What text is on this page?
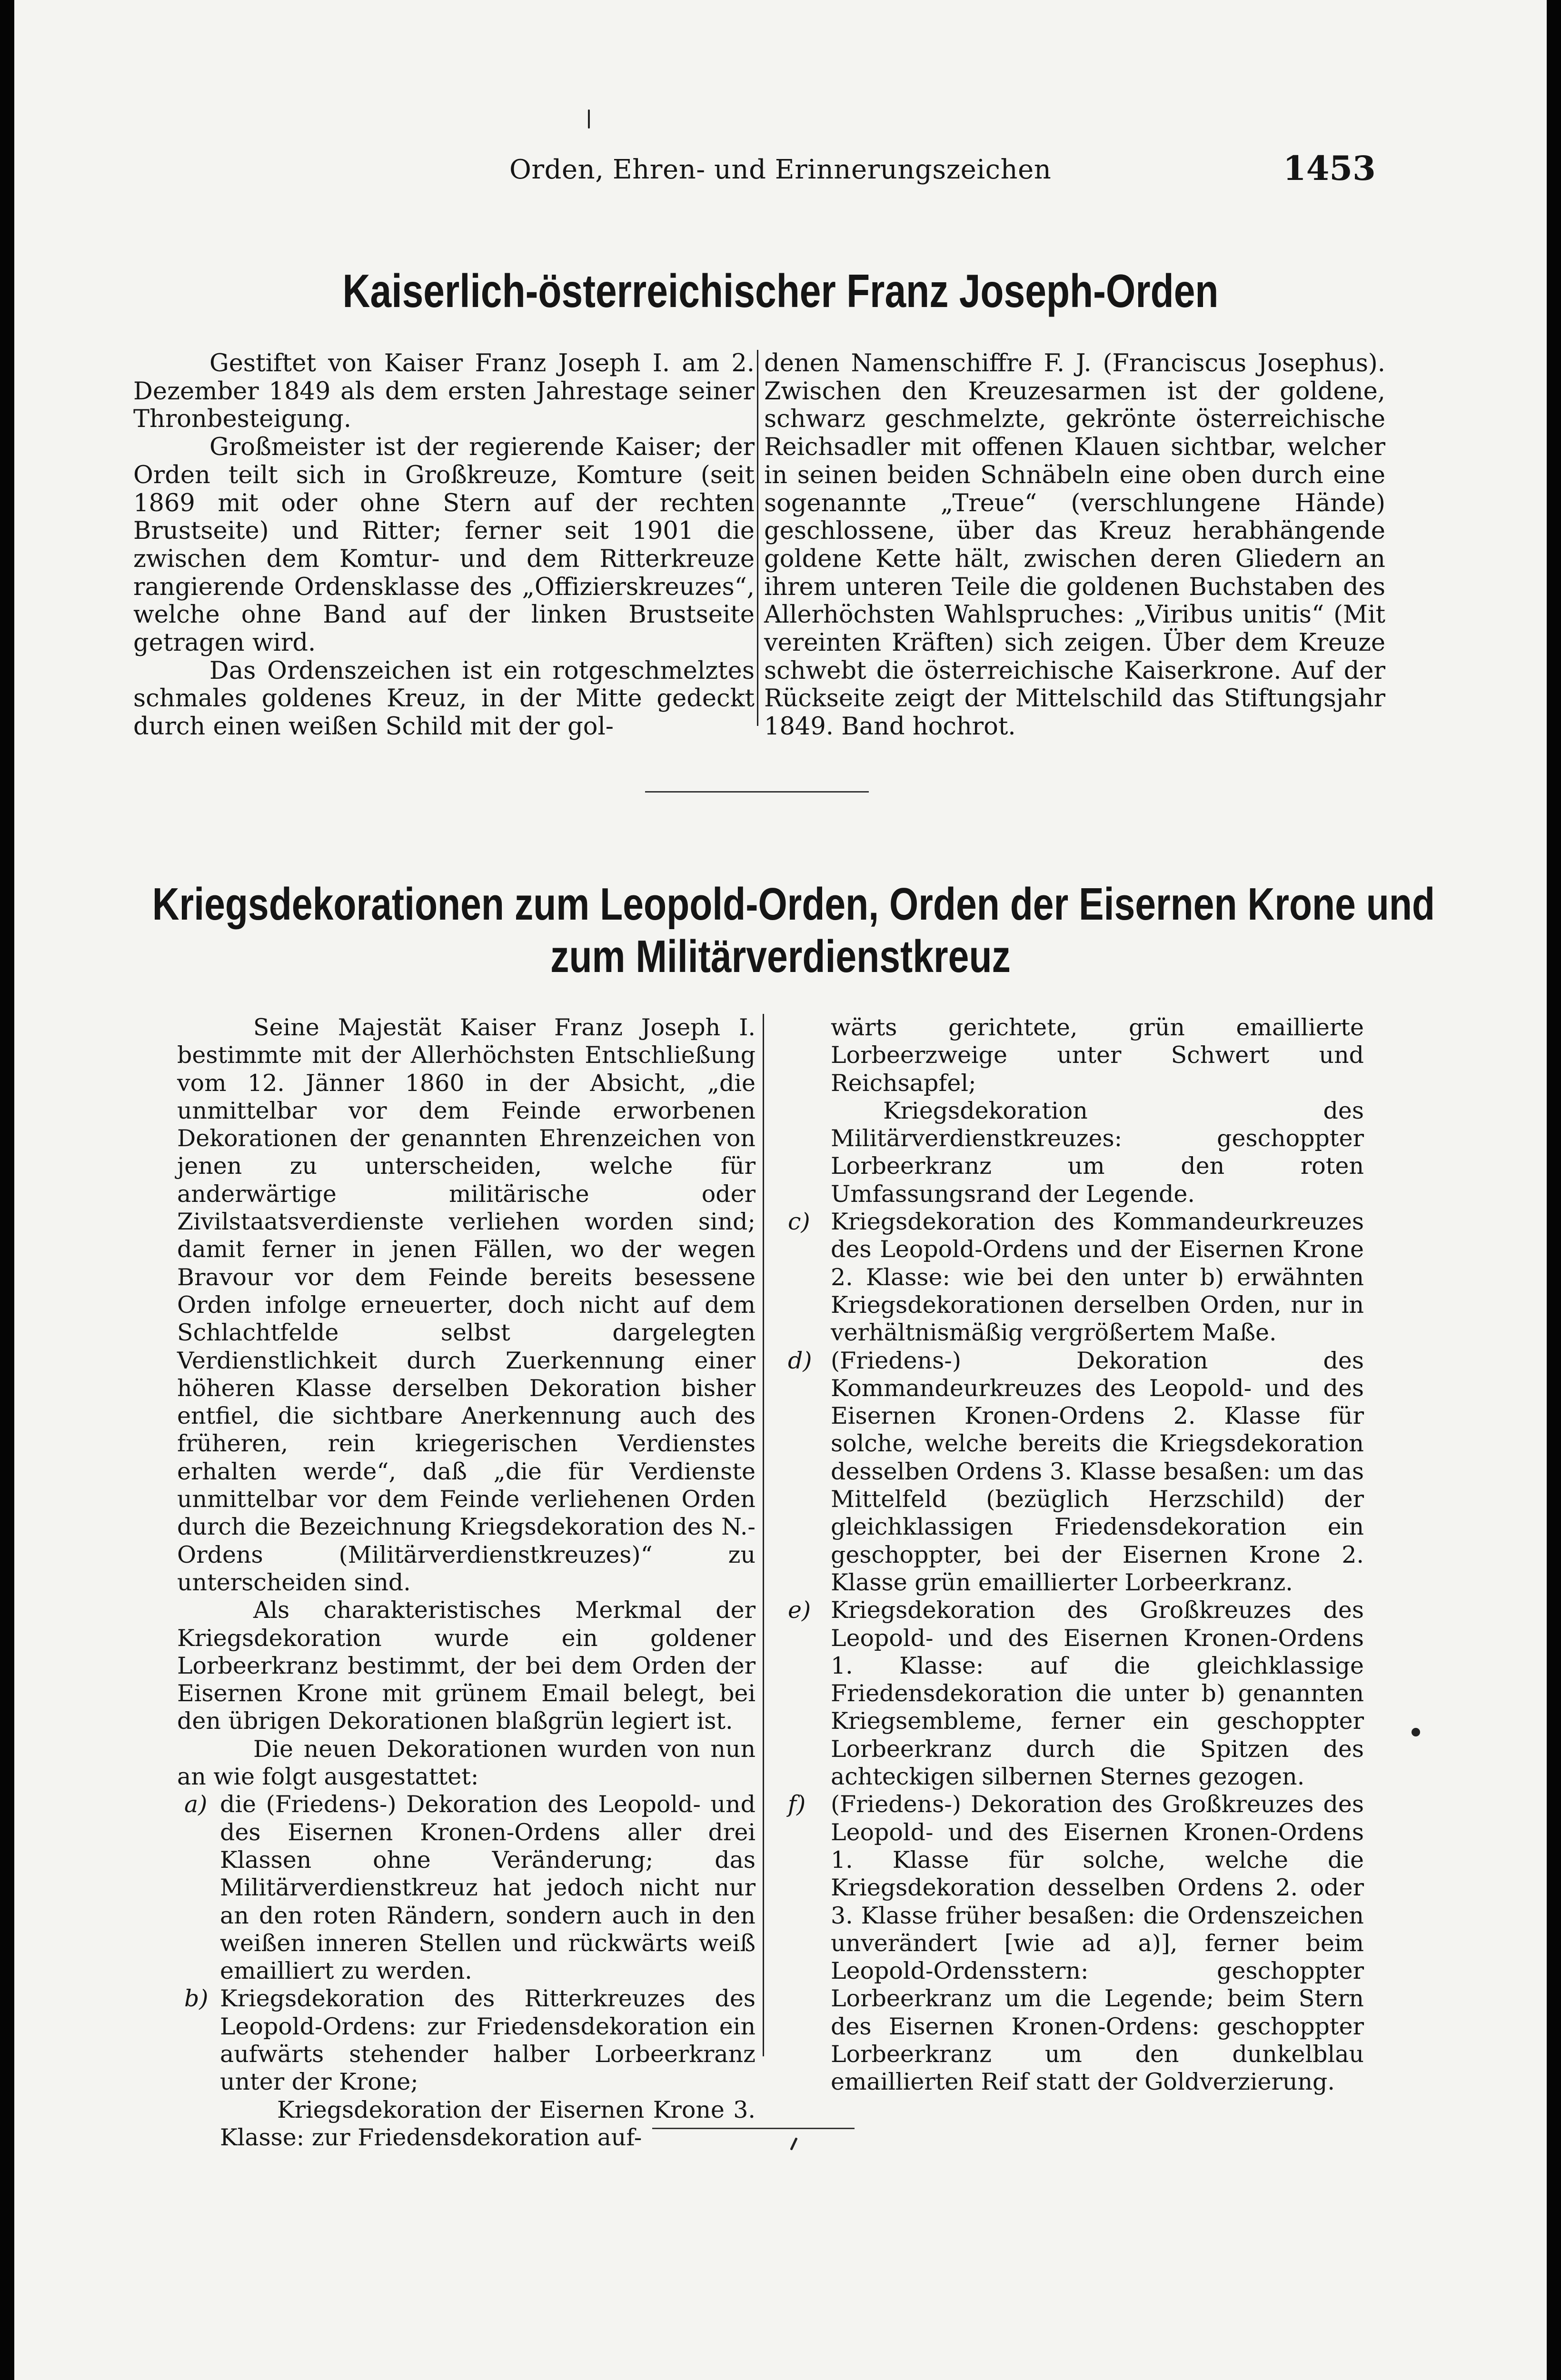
Orden, Ehren- und Erinnerungszeichen	1453
Kaiserlich-österreichischer Franz Joseph-Orden

Gestiftet von Kaiser Franz Joseph I. am 2. Dezember 1849 als dem ersten Jahrestage seiner Thronbesteigung.

Großmeister ist der regierende Kaiser; der Orden teilt sich in Großkreuze, Komture (seit 1869 mit oder ohne Stern auf der rechten Brustseite) und Ritter; ferner seit 1901 die zwischen dem Komtur- und dem Ritterkreuze rangierende Ordensklasse des „Offizierskreuzes“, welche ohne Band auf der linken Brustseite getragen wird.

Das Ordenszeichen ist ein rotgeschmelztes schmales goldenes Kreuz, in der Mitte gedeckt durch einen weißen Schild mit der gol-

denen Namenschiffre F. J. (Franciscus Josephus). Zwischen den Kreuzesarmen ist der goldene, schwarz geschmelzte, gekrönte österreichische Reichsadler mit offenen Klauen sichtbar, welcher in seinen beiden Schnäbeln eine oben durch eine sogenannte „Treue“ (verschlungene Hände) geschlossene, über das Kreuz herabhängende goldene Kette hält, zwischen deren Gliedern an ihrem unteren Teile die goldenen Buchstaben des Allerhöchsten Wahlspruches: „Viribus unitis“ (Mit vereinten Kräften) sich zeigen. Über dem Kreuze schwebt die österreichische Kaiserkrone. Auf der Rückseite zeigt der Mittelschild das Stiftungsjahr 1849. Band hochrot.

Kriegsdekorationen zum Leopold-Orden, Orden der Eisernen Krone und
zum Militärverdienstkreuz

Seine Majestät Kaiser Franz Joseph I. bestimmte mit der Allerhöchsten Entschließung vom 12. Jänner 1860 in der Absicht, „die unmittelbar vor dem Feinde erworbenen Dekorationen der genannten Ehrenzeichen von jenen zu unterscheiden, welche für anderwärtige militärische oder Zivilstaatsverdienste verliehen worden sind; damit ferner in jenen Fällen, wo der wegen Bravour vor dem Feinde bereits besessene Orden infolge erneuerter, doch nicht auf dem Schlachtfelde selbst dargelegten Verdienstlichkeit durch Zuerkennung einer höheren Klasse derselben Dekoration bisher entfiel, die sichtbare Anerkennung auch des früheren, rein kriegerischen Verdienstes erhalten werde“, daß „die für Verdienste unmittelbar vor dem Feinde verliehenen Orden durch die Bezeichnung Kriegsdekoration des N.-Ordens (Militärverdienstkreuzes)“ zu unterscheiden sind.

Als charakteristisches Merkmal der Kriegsdekoration wurde ein goldener Lorbeerkranz bestimmt, der bei dem Orden der Eisernen Krone mit grünem Email belegt, bei den übrigen Dekorationen blaßgrün legiert ist.

Die neuen Dekorationen wurden von nun an wie folgt ausgestattet:

a) die (Friedens-) Dekoration des Leopold- und des Eisernen Kronen-Ordens aller drei Klassen ohne Veränderung; das Militärverdienstkreuz hat jedoch nicht nur an den roten Rändern, sondern auch in den weißen inneren Stellen und rückwärts weiß emailliert zu werden.
b) Kriegsdekoration des Ritterkreuzes des Leopold-Ordens: zur Friedensdekoration ein aufwärts stehender halber Lorbeerkranz unter der Krone;

Kriegsdekoration der Eisernen Krone 3. Klasse: zur Friedensdekoration auf-

wärts gerichtete, grün emaillierte Lorbeerzweige unter Schwert und Reichsapfel;

Kriegsdekoration des Militärverdienstkreuzes: geschoppter Lorbeerkranz um den roten Umfassungsrand der Legende.

c) Kriegsdekoration des Kommandeurkreuzes des Leopold-Ordens und der Eisernen Krone 2. Klasse: wie bei den unter b) erwähnten Kriegsdekorationen derselben Orden, nur in verhältnismäßig vergrößertem Maße.
d) (Friedens-) Dekoration des Kommandeurkreuzes des Leopold- und des Eisernen Kronen-Ordens 2. Klasse für solche, welche bereits die Kriegsdekoration desselben Ordens 3. Klasse besaßen: um das Mittelfeld (bezüglich Herzschild) der gleichklassigen Friedensdekoration ein geschoppter, bei der Eisernen Krone 2. Klasse grün emaillierter Lorbeerkranz.
e) Kriegsdekoration des Großkreuzes des Leopold- und des Eisernen Kronen-Ordens 1. Klasse: auf die gleichklassige Friedensdekoration die unter b) genannten Kriegsembleme, ferner ein geschoppter Lorbeerkranz durch die Spitzen des achteckigen silbernen Sternes gezogen.
f) (Friedens-) Dekoration des Großkreuzes des Leopold- und des Eisernen Kronen-Ordens 1. Klasse für solche, welche die Kriegsdekoration desselben Ordens 2. oder 3. Klasse früher besaßen: die Ordenszeichen unverändert [wie ad a)], ferner beim Leopold-Ordensstern: geschoppter Lorbeerkranz um die Legende; beim Stern des Eisernen Kronen-Ordens: geschoppter Lorbeerkranz um den dunkelblau emaillierten Reif statt der Goldverzierung.
